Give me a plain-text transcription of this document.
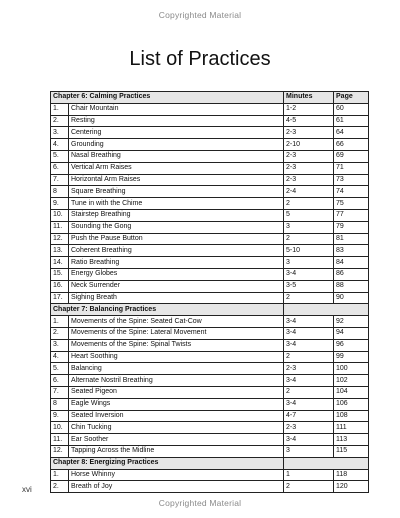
Copyrighted Material
List of Practices
Chapter 6: Calming Practices		Minutes	Page
1.	Chair Mountain	1-2	60
2.	Resting	4-5	61
3.	Centering	2-3	64
4.	Grounding	2-10	66
5.	Nasal Breathing	2-3	69
6.	Vertical Arm Raises	2-3	71
7.	Horizontal Arm Raises	2-3	73
8	Square Breathing	2-4	74
9.	Tune in with the Chime	2	75
10.	Stairstep Breathing	5	77
11.	Sounding the Gong	3	79
12.	Push the Pause Button	2	81
13.	Coherent Breathing	5-10	83
14.	Ratio Breathing	3	84
15.	Energy Globes	3-4	86
16.	Neck Surrender	3-5	88
17.	Sighing Breath	2	90
Chapter 7: Balancing Practices			
1.	Movements of the Spine: Seated Cat-Cow	3-4	92
2.	Movements of the Spine: Lateral Movement	3-4	94
3.	Movements of the Spine: Spinal Twists	3-4	96
4.	Heart Soothing	2	99
5.	Balancing	2-3	100
6.	Alternate Nostril Breathing	3-4	102
7.	Seated Pigeon	2	104
8	Eagle Wings	3-4	106
9.	Seated Inversion	4-7	108
10.	Chin Tucking	2-3	111
11.	Ear Soother	3-4	113
12.	Tapping Across the Midline	3	115
Chapter 8: Energizing Practices			
1.	Horse Whinny	1	118
2.	Breath of Joy	2	120
xvi
Copyrighted Material
